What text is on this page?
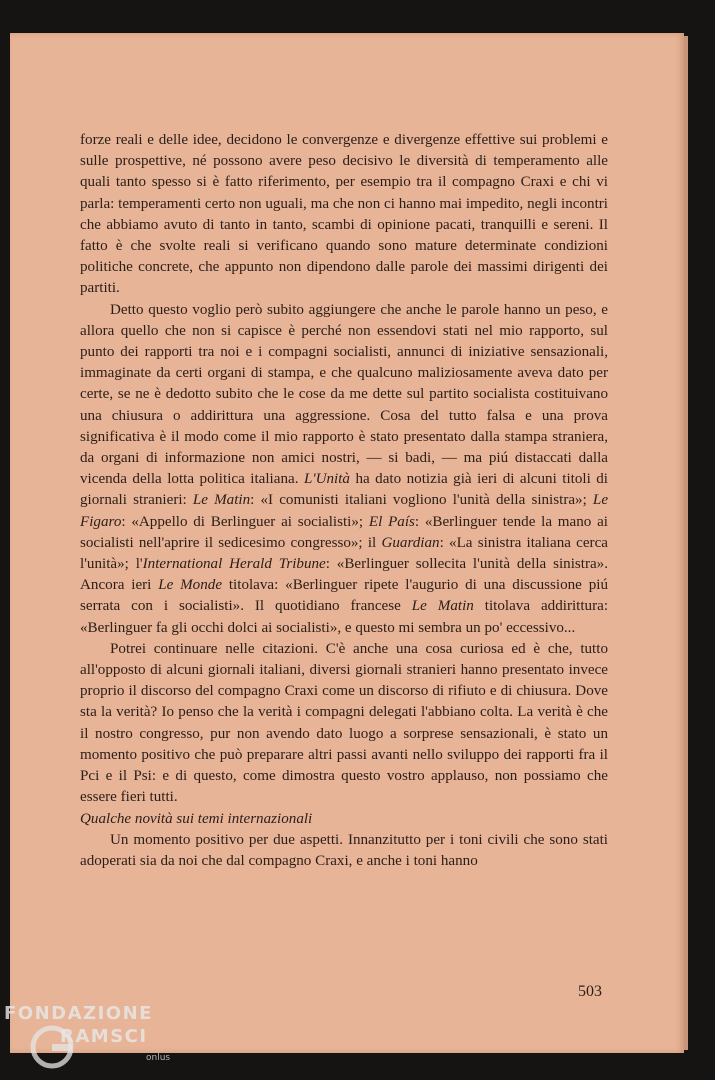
forze reali e delle idee, decidono le convergenze e divergenze effettive sui problemi e sulle prospettive, né possono avere peso decisivo le diversità di temperamento alle quali tanto spesso si è fatto riferimento, per esempio tra il compagno Craxi e chi vi parla: temperamenti certo non uguali, ma che non ci hanno mai impedito, negli incontri che abbiamo avuto di tanto in tanto, scambi di opinione pacati, tranquilli e sereni. Il fatto è che svolte reali si verificano quando sono mature determinate condizioni politiche concrete, che appunto non dipendono dalle parole dei massimi dirigenti dei partiti.

Detto questo voglio però subito aggiungere che anche le parole hanno un peso, e allora quello che non si capisce è perché non essendovi stati nel mio rapporto, sul punto dei rapporti tra noi e i compagni socialisti, annunci di iniziative sensazionali, immaginate da certi organi di stampa, e che qualcuno maliziosamente aveva dato per certe, se ne è dedotto subito che le cose da me dette sul partito socialista costituivano una chiusura o addirittura una aggressione. Cosa del tutto falsa e una prova significativa è il modo come il mio rapporto è stato presentato dalla stampa straniera, da organi di informazione non amici nostri, — si badi, — ma piú distaccati dalla vicenda della lotta politica italiana. L'Unità ha dato notizia già ieri di alcuni titoli di giornali stranieri: Le Matin: «I comunisti italiani vogliono l'unità della sinistra»; Le Figaro: «Appello di Berlinguer ai socialisti»; El País: «Berlinguer tende la mano ai socialisti nell'aprire il sedicesimo congresso»; il Guardian: «La sinistra italiana cerca l'unità»; l'International Herald Tribune: «Berlinguer sollecita l'unità della sinistra». Ancora ieri Le Monde titolava: «Berlinguer ripete l'augurio di una discussione piú serrata con i socialisti». Il quotidiano francese Le Matin titolava addirittura: «Berlinguer fa gli occhi dolci ai socialisti», e questo mi sembra un po' eccessivo...

Potrei continuare nelle citazioni. C'è anche una cosa curiosa ed è che, tutto all'opposto di alcuni giornali italiani, diversi giornali stranieri hanno presentato invece proprio il discorso del compagno Craxi come un discorso di rifiuto e di chiusura. Dove sta la verità? Io penso che la verità i compagni delegati l'abbiano colta. La verità è che il nostro congresso, pur non avendo dato luogo a sorprese sensazionali, è stato un momento positivo che può preparare altri passi avanti nello sviluppo dei rapporti fra il Pci e il Psi: e di questo, come dimostra questo vostro applauso, non possiamo che essere fieri tutti.

Qualche novità sui temi internazionali

Un momento positivo per due aspetti. Innanzitutto per i toni civili che sono stati adoperati sia da noi che dal compagno Craxi, e anche i toni hanno

503
FONDAZIONE
RAMSCI
onlus
